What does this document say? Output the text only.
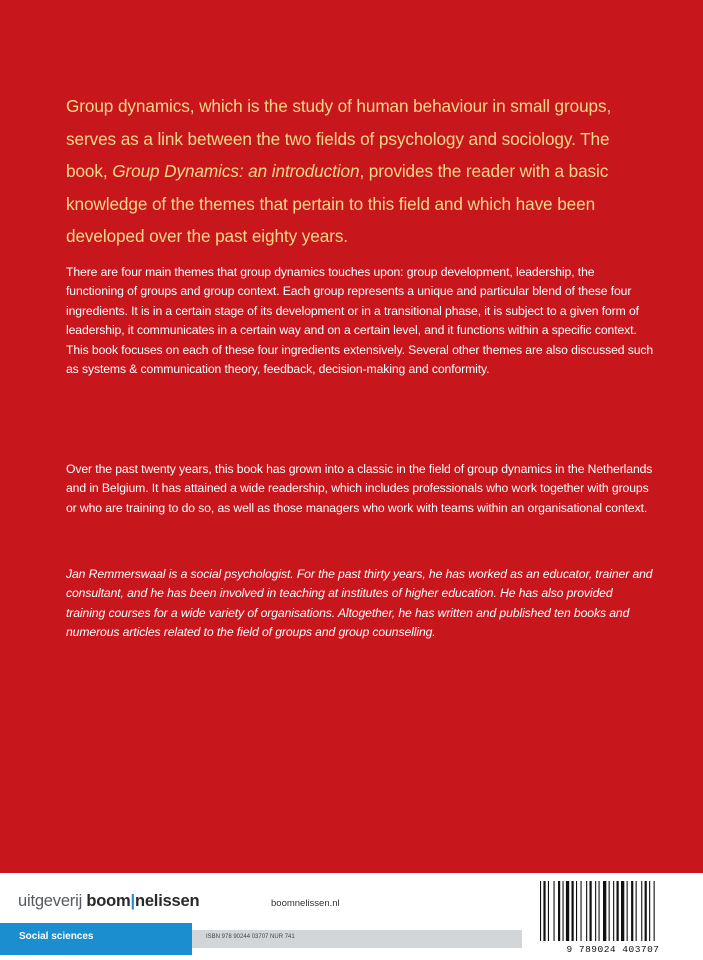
Group dynamics, which is the study of human behaviour in small groups, serves as a link between the two fields of psychology and sociology. The book, Group Dynamics: an introduction, provides the reader with a basic knowledge of the themes that pertain to this field and which have been developed over the past eighty years.

There are four main themes that group dynamics touches upon: group development, leadership, the functioning of groups and group context. Each group represents a unique and particular blend of these four ingredients. It is in a certain stage of its development or in a transitional phase, it is subject to a given form of leadership, it communicates in a certain way and on a certain level, and it functions within a specific context. This book focuses on each of these four ingredients extensively. Several other themes are also discussed such as systems & communication theory, feedback, decision-making and conformity.

Over the past twenty years, this book has grown into a classic in the field of group dynamics in the Netherlands and in Belgium. It has attained a wide readership, which includes professionals who work together with groups or who are training to do so, as well as those managers who work with teams within an organisational context.

Jan Remmerswaal is a social psychologist. For the past thirty years, he has worked as an educator, trainer and consultant, and he has been involved in teaching at institutes of higher education. He has also provided training courses for a wide variety of organisations. Altogether, he has written and published ten books and numerous articles related to the field of groups and group counselling.

uitgeverij boom|nelissen	boomnelissen.nl
Social sciences	ISBN 978 90244 03707 NUR 741
9 789024 403707
